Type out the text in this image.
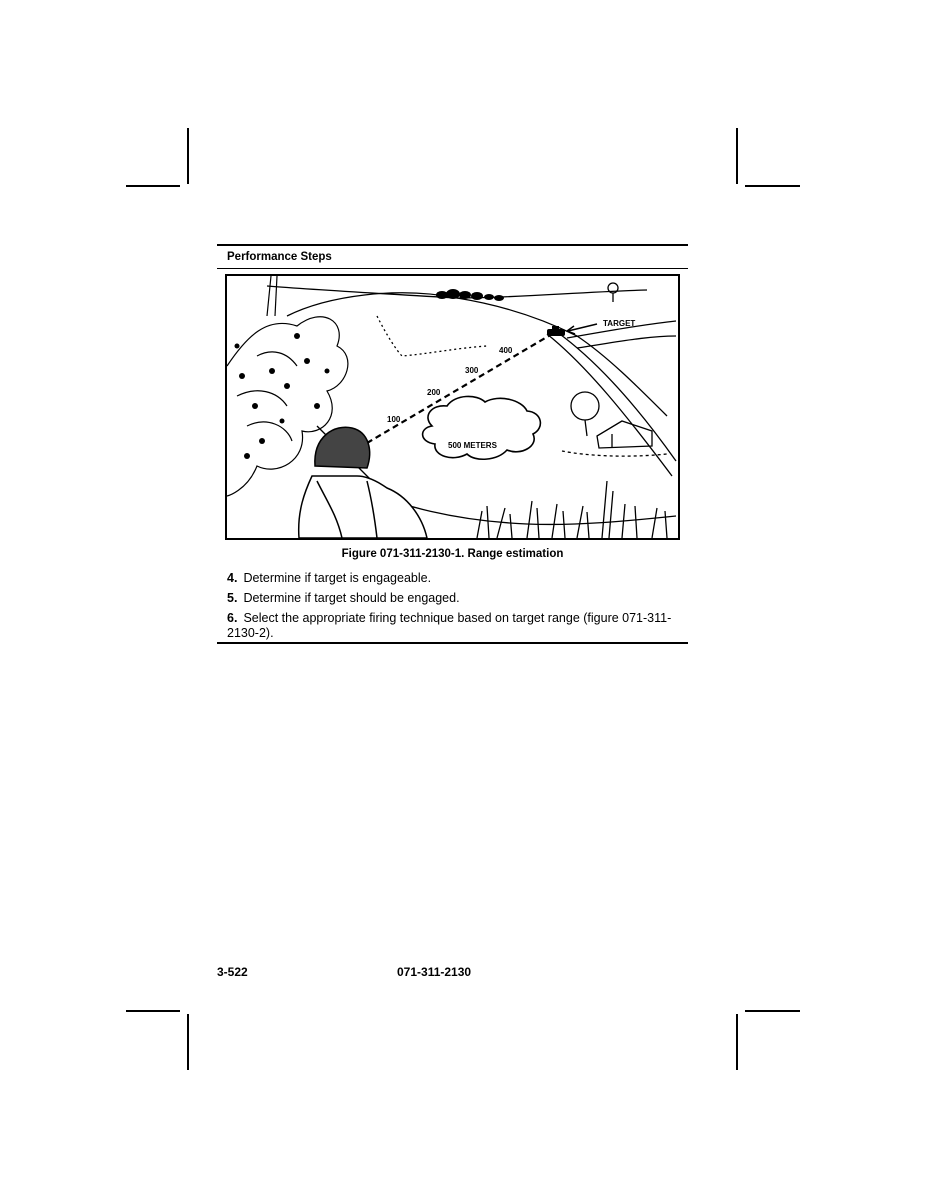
Performance Steps
TARGET
500 METERS
100
200
300
400
Figure 071-311-2130-1. Range estimation
4. Determine if target is engageable.
5. Determine if target should be engaged.
6. Select the appropriate firing technique based on target range (figure 071-311-2130-2).
3-522	071-311-2130
